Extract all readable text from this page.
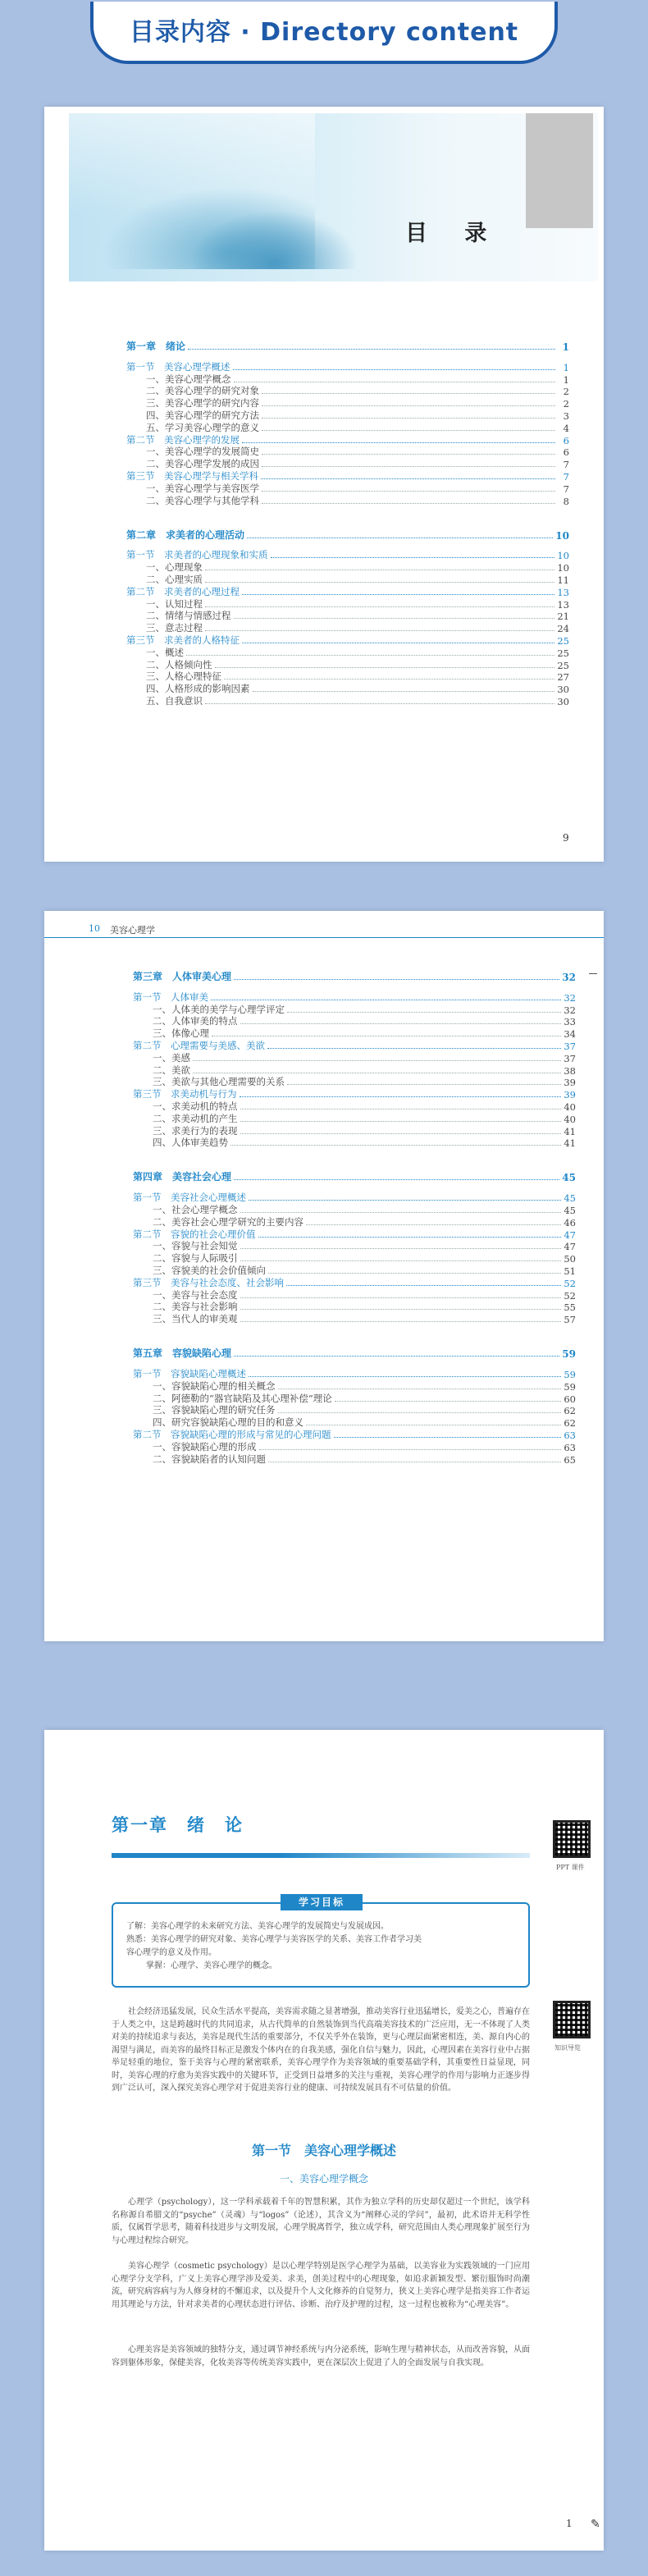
目录内容 · Directory content
目 录
第一章　绪论	1
第一节　美容心理学概述	1
一、美容心理学概念	1
二、美容心理学的研究对象	2
三、美容心理学的研究内容	2
四、美容心理学的研究方法	3
五、学习美容心理学的意义	4
第二节　美容心理学的发展	6
一、美容心理学的发展简史	6
二、美容心理学发展的成因	7
第三节　美容心理学与相关学科	7
一、美容心理学与美容医学	7
二、美容心理学与其他学科	8
第二章　求美者的心理活动	10
第一节　求美者的心理现象和实质	10
一、心理现象	10
二、心理实质	11
第二节　求美者的心理过程	13
一、认知过程	13
二、情绪与情感过程	21
三、意志过程	24
第三节　求美者的人格特征	25
一、概述	25
二、人格倾向性	25
三、人格心理特征	27
四、人格形成的影响因素	30
五、自我意识	30
9
10 美容心理学
第三章　人体审美心理	32
第一节　人体审美	32
一、人体美的美学与心理学评定	32
二、人体审美的特点	33
三、体像心理	34
第二节　心理需要与美感、美欲	37
一、美感	37
二、美欲	38
三、美欲与其他心理需要的关系	39
第三节　求美动机与行为	39
一、求美动机的特点	40
二、求美动机的产生	40
三、求美行为的表现	41
四、人体审美趋势	41
第四章　美容社会心理	45
第一节　美容社会心理概述	45
一、社会心理学概念	45
二、美容社会心理学研究的主要内容	46
第二节　容貌的社会心理价值	47
一、容貌与社会知觉	47
二、容貌与人际吸引	50
三、容貌美的社会价值倾向	51
第三节　美容与社会态度、社会影响	52
一、美容与社会态度	52
二、美容与社会影响	55
三、当代人的审美观	57
第五章　容貌缺陷心理	59
第一节　容貌缺陷心理概述	59
一、容貌缺陷心理的相关概念	59
二、阿德勒的“器官缺陷及其心理补偿”理论	60
三、容貌缺陷心理的研究任务	62
四、研究容貌缺陷心理的目的和意义	62
第二节　容貌缺陷心理的形成与常见的心理问题	63
一、容貌缺陷心理的形成	63
二、容貌缺陷者的认知问题	65
第一章　绪　论
PPT 课件
知识导览
学习目标
了解：美容心理学的未来研究方法、美容心理学的发展简史与发展成因。
熟悉：美容心理学的研究对象、美容心理学与美容医学的关系、美容工作者学习美
容心理学的意义及作用。
掌握：心理学、美容心理学的概念。
社会经济迅猛发展，民众生活水平提高，美容需求随之显著增强，推动美容行业迅猛增长，爱美之心，普遍存在于人类之中，这是跨越时代的共同追求，从古代简单的自然装饰到当代高端美容技术的广泛应用，无一不体现了人类对美的持续追求与表达，美容是现代生活的重要部分，不仅关乎外在装饰，更与心理层面紧密相连，美、源自内心的渴望与满足，而美容的最终目标正是激发个体内在的自我美感，强化自信与魅力，因此，心理因素在美容行业中占据举足轻重的地位，鉴于美容与心理的紧密联系，美容心理学作为美容领域的重要基础学科，其重要性日益显现，同时，美容心理的疗愈为美容实践中的关键环节，正受到日益增多的关注与重视，美容心理学的作用与影响力正逐步得到广泛认可，深入探究美容心理学对于促进美容行业的健康、可持续发展具有不可估量的价值。
第一节　美容心理学概述
一、美容心理学概念
心理学（psychology），这一学科承载着千年的智慧积累，其作为独立学科的历史却仅超过一个世纪，该学科名称源自希腊文的“psyche”（灵魂）与“logos”（论述），其含义为“阐释心灵的学问”，最初，此术语并无科学性质，仅属哲学思考，随着科技进步与文明发展，心理学脱离哲学，独立成学科，研究范围由人类心理现象扩展至行为与心理过程综合研究。
美容心理学（cosmetic psychology）是以心理学特别是医学心理学为基础，以美容业为实践领域的一门应用心理学分支学科，广义上美容心理学涉及爱美、求美，创美过程中的心理现象，如追求新颖发型、繁衍服饰时尚潮流，研究病容病与为人修身材的不懈追求，以及提升个人文化修养的自觉努力，狭义上美容心理学是指美容工作者运用其理论与方法，针对求美者的心理状态进行评估、诊断、治疗及护理的过程，这一过程也被称为“心理美容”。
心理美容是美容领域的独特分支，通过调节神经系统与内分泌系统，影响生理与精神状态，从而改善容貌，从面容到躯体形象，保健美容，化妆美容等传统美容实践中，更在深层次上促进了人的全面发展与自我实现。
1 ✎
